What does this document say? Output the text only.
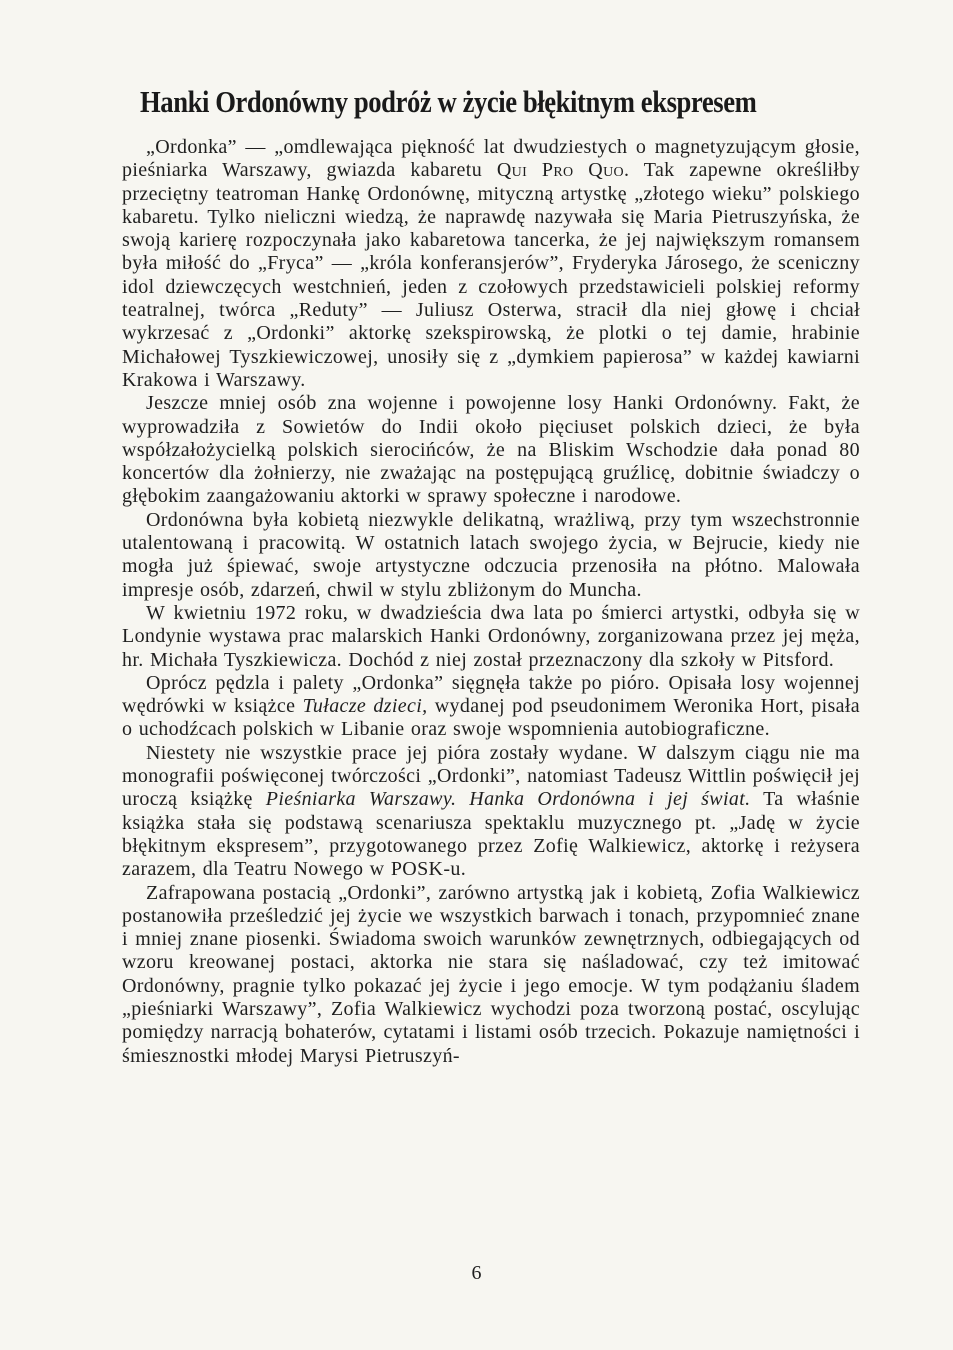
Hanki Ordonówny podróż w życie błękitnym ekspresem

„Ordonka” — „omdlewająca piękność lat dwudziestych o magnetyzującym głosie, pieśniarka Warszawy, gwiazda kabaretu Qui Pro Quo. Tak zapewne określiłby przeciętny teatroman Hankę Ordonównę, mityczną artystkę „złotego wieku” polskiego kabaretu. Tylko nieliczni wiedzą, że naprawdę nazywała się Maria Pietruszyńska, że swoją karierę rozpoczynała jako kabaretowa tancerka, że jej największym romansem była miłość do „Fryca” — „króla konferansjerów”, Fryderyka Járosego, że sceniczny idol dziewczęcych westchnień, jeden z czołowych przedstawicieli polskiej reformy teatralnej, twórca „Reduty” — Juliusz Osterwa, stracił dla niej głowę i chciał wykrzesać z „Ordonki” aktorkę szekspirowską, że plotki o tej damie, hrabinie Michałowej Tyszkiewiczowej, unosiły się z „dymkiem papierosa” w każdej kawiarni Krakowa i Warszawy.

Jeszcze mniej osób zna wojenne i powojenne losy Hanki Ordonówny. Fakt, że wyprowadziła z Sowietów do Indii około pięciuset polskich dzieci, że była współzałożycielką polskich sierocińców, że na Bliskim Wschodzie dała ponad 80 koncertów dla żołnierzy, nie zważając na postępującą gruźlicę, dobitnie świadczy o głębokim zaangażowaniu aktorki w sprawy społeczne i narodowe.

Ordonówna była kobietą niezwykle delikatną, wrażliwą, przy tym wszechstronnie utalentowaną i pracowitą. W ostatnich latach swojego życia, w Bejrucie, kiedy nie mogła już śpiewać, swoje artystyczne odczucia przenosiła na płótno. Malowała impresje osób, zdarzeń, chwil w stylu zbliżonym do Muncha.

W kwietniu 1972 roku, w dwadzieścia dwa lata po śmierci artystki, odbyła się w Londynie wystawa prac malarskich Hanki Ordonówny, zorganizowana przez jej męża, hr. Michała Tyszkiewicza. Dochód z niej został przeznaczony dla szkoły w Pitsford.

Oprócz pędzla i palety „Ordonka” sięgnęła także po pióro. Opisała losy wojennej wędrówki w książce Tułacze dzieci, wydanej pod pseudonimem Weronika Hort, pisała o uchodźcach polskich w Libanie oraz swoje wspomnienia autobiograficzne.

Niestety nie wszystkie prace jej pióra zostały wydane. W dalszym ciągu nie ma monografii poświęconej twórczości „Ordonki”, natomiast Tadeusz Wittlin poświęcił jej uroczą książkę Pieśniarka Warszawy. Hanka Ordonówna i jej świat. Ta właśnie książka stała się podstawą scenariusza spektaklu muzycznego pt. „Jadę w życie błękitnym ekspresem”, przygotowanego przez Zofię Walkiewicz, aktorkę i reżysera zarazem, dla Teatru Nowego w POSK-u.

Zafrapowana postacią „Ordonki”, zarówno artystką jak i kobietą, Zofia Walkiewicz postanowiła prześledzić jej życie we wszystkich barwach i tonach, przypomnieć znane i mniej znane piosenki. Świadoma swoich warunków zewnętrznych, odbiegających od wzoru kreowanej postaci, aktorka nie stara się naśladować, czy też imitować Ordonówny, pragnie tylko pokazać jej życie i jego emocje. W tym podążaniu śladem „pieśniarki Warszawy”, Zofia Walkiewicz wychodzi poza tworzoną postać, oscylując pomiędzy narracją bohaterów, cytatami i listami osób trzecich. Pokazuje namiętności i śmiesznostki młodej Marysi Pietruszyń-

6
